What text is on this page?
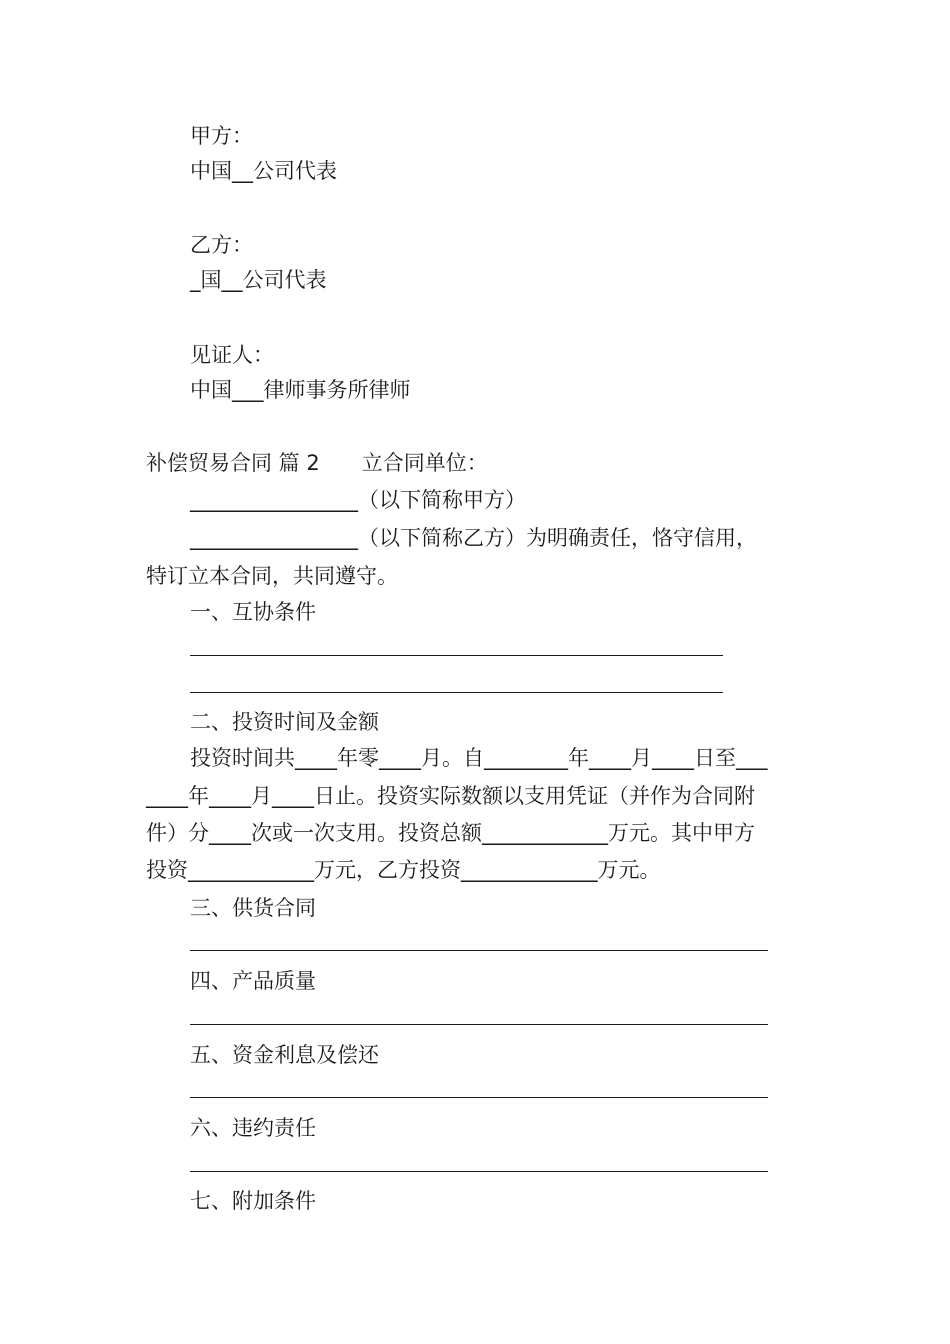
甲方：

中国__公司代表

乙方：

_国__公司代表

见证人：

中国___律师事务所律师

补偿贸易合同 篇 2　　立合同单位：

________________（以下简称甲方）

________________（以下简称乙方）为明确责任，恪守信用，

特订立本合同，共同遵守。

一、互协条件

二、投资时间及金额

投资时间共____年零____月。自________年____月____日至___

____年____月____日止。投资实际数额以支用凭证（并作为合同附

件）分____次或一次支用。投资总额____________万元。其中甲方

投资____________万元，乙方投资_____________万元。

三、供货合同

四、产品质量

五、资金利息及偿还

六、违约责任

七、附加条件
